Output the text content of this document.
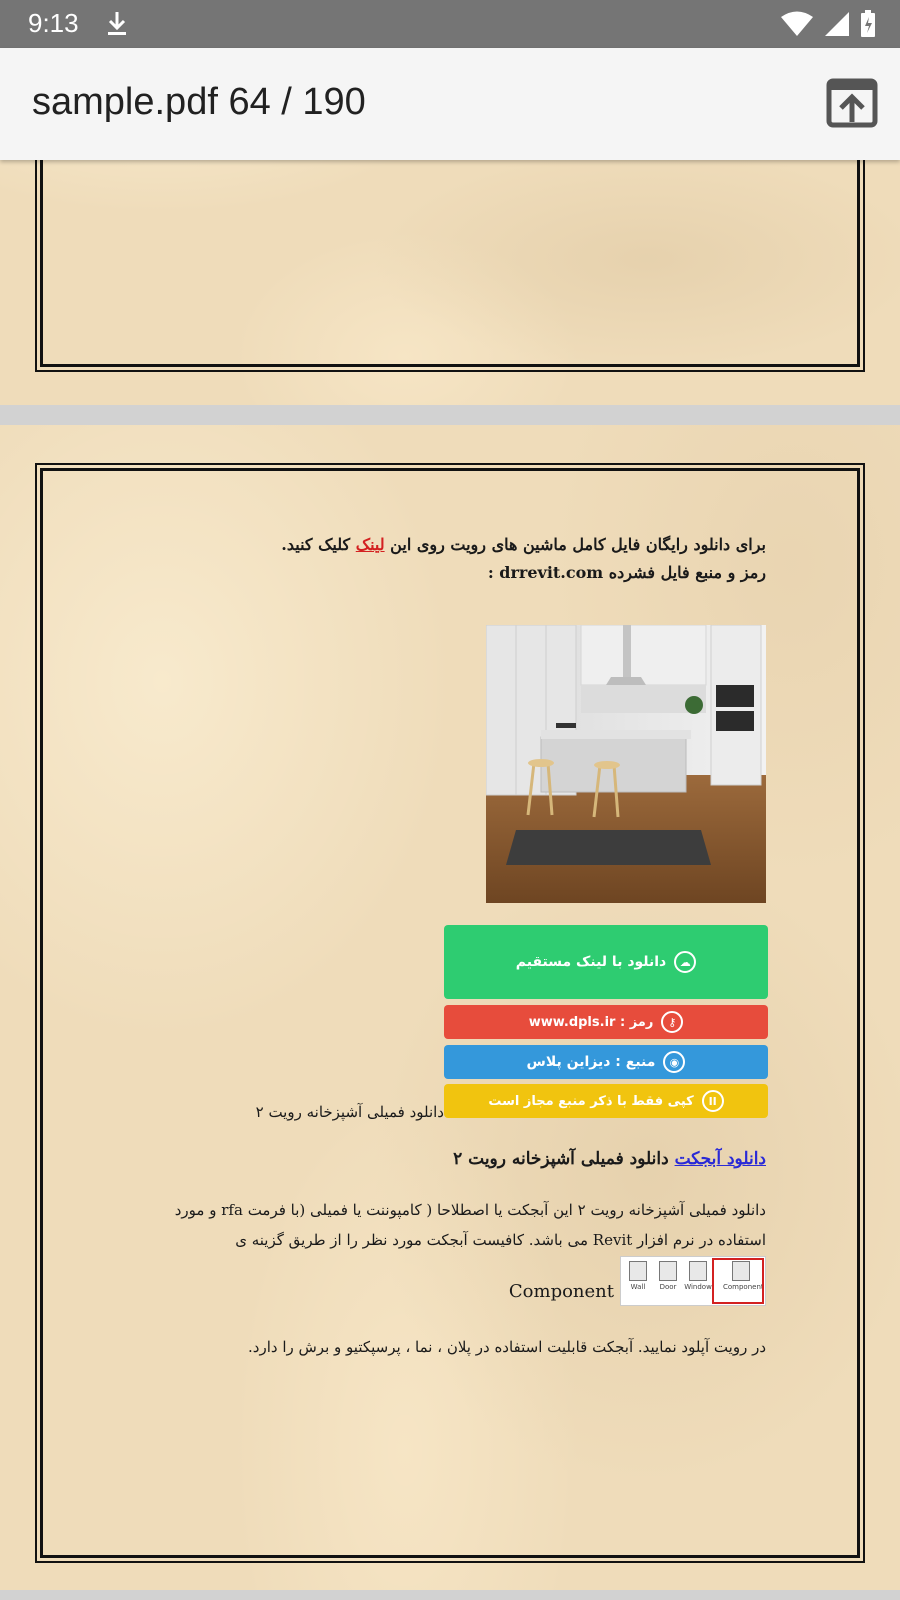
9:13
sample.pdf 64 / 190
برای دانلود رایگان فایل کامل ماشین های رویت روی این لینک کلیک کنید.
رمز و منبع فایل فشرده drrevit.com :
☁
دانلود با لینک مستقیم
⚷
رمز : www.dpls.ir
◉
منبع : دیزاین پلاس
II
کپی فقط با ذکر منبع مجاز است
دانلود فمیلی آشپزخانه رویت ۲
دانلود آبجکت دانلود فمیلی آشپزخانه رویت ۲
دانلود فمیلی آشپزخانه رویت ۲ این آبجکت یا اصطلاحا ( کامپوننت یا فمیلی (با فرمت rfa و مورد استفاده در نرم افزار Revit می باشد. کافیست آبجکت مورد نظر را از طریق گزینه ی
Component	Wall	Door	Window Component
در رویت آپلود نمایید. آبجکت قابلیت استفاده در پلان ، نما ، پرسپکتیو و برش را دارد.
